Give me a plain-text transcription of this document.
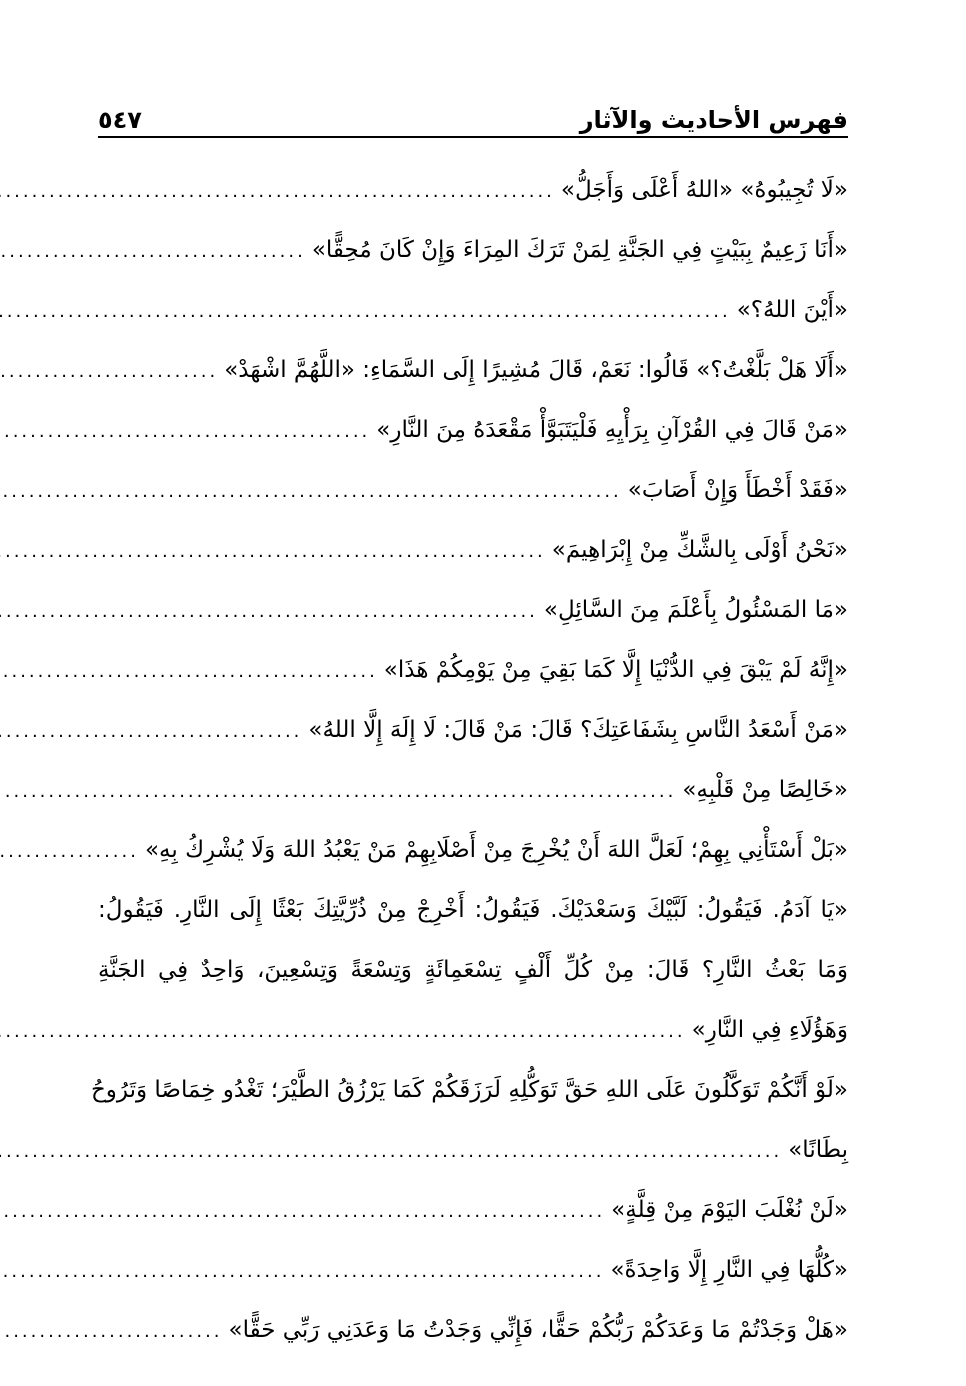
فهرس الأحاديث والآثار
٥٤٧
«لَا تُجِيبُوهُ» «اللهُ أَعْلَى وَأَجَلُّ»
.....
«أَنَا زَعِيمٌ بِبَيْتٍ فِي الجَنَّةِ لِمَنْ تَرَكَ المِرَاءَ وَإِنْ كَانَ مُحِقًّا»
.....
«أَيْنَ اللهُ؟»
.....
«أَلَا هَلْ بَلَّغْتُ؟» قَالُوا: نَعَمْ، قَالَ مُشِيرًا إِلَى السَّمَاءِ: «اللَّهُمَّ اشْهَدْ»
.....
«مَنْ قَالَ فِي القُرْآنِ بِرَأْيِهِ فَلْيَتَبَوَّأْ مَقْعَدَهُ مِنَ النَّارِ»
.....
«فَقَدْ أَخْطَأَ وَإِنْ أَصَابَ»
.....
«نَحْنُ أَوْلَى بِالشَّكِّ مِنْ إِبْرَاهِيمَ»
.....
«مَا المَسْئُولُ بِأَعْلَمَ مِنَ السَّائِلِ»
.....
«إِنَّهُ لَمْ يَبْقَ فِي الدُّنْيَا إِلَّا كَمَا بَقِيَ مِنْ يَوْمِكُمْ هَذَا»
.....
«مَنْ أَسْعَدُ النَّاسِ بِشَفَاعَتِكَ؟ قَالَ: مَنْ قَالَ: لَا إِلَهَ إِلَّا اللهُ»
.....
«خَالِصًا مِنْ قَلْبِهِ»
.....
«بَلْ أَسْتَأْنِي بِهِمْ؛ لَعَلَّ اللهَ أَنْ يُخْرِجَ مِنْ أَصْلَابِهِمْ مَنْ يَعْبُدُ اللهَ وَلَا يُشْرِكُ بِهِ»
.....
«يَا آدَمُ. فَيَقُولُ: لَبَّيْكَ وَسَعْدَيْكَ. فَيَقُولُ: أَخْرِجْ مِنْ ذُرِّيَّتِكَ بَعْثًا إِلَى النَّارِ. فَيَقُولُ:
وَمَا بَعْثُ النَّارِ؟ قَالَ: مِنْ كُلِّ أَلْفٍ تِسْعَمِائَةٍ وَتِسْعَةً وَتِسْعِينَ، وَاحِدٌ فِي الجَنَّةِ
وَهَؤُلَاءِ فِي النَّارِ»
.....
«لَوْ أَنَّكُمْ تَوَكَّلُونَ عَلَى اللهِ حَقَّ تَوَكُّلِهِ لَرَزَقَكُمْ كَمَا يَرْزُقُ الطَّيْرَ؛ تَغْدُو خِمَاصًا وَتَرُوحُ
بِطَانًا»
.....
«لَنْ نُغْلَبَ اليَوْمَ مِنْ قِلَّةٍ»
.....
«كُلُّهَا فِي النَّارِ إِلَّا وَاحِدَةً»
.....
«هَلْ وَجَدْتُمْ مَا وَعَدَكُمْ رَبُّكُمْ حَقًّا، فَإِنِّي وَجَدْتُ مَا وَعَدَنِي رَبِّي حَقًّا»
.....
